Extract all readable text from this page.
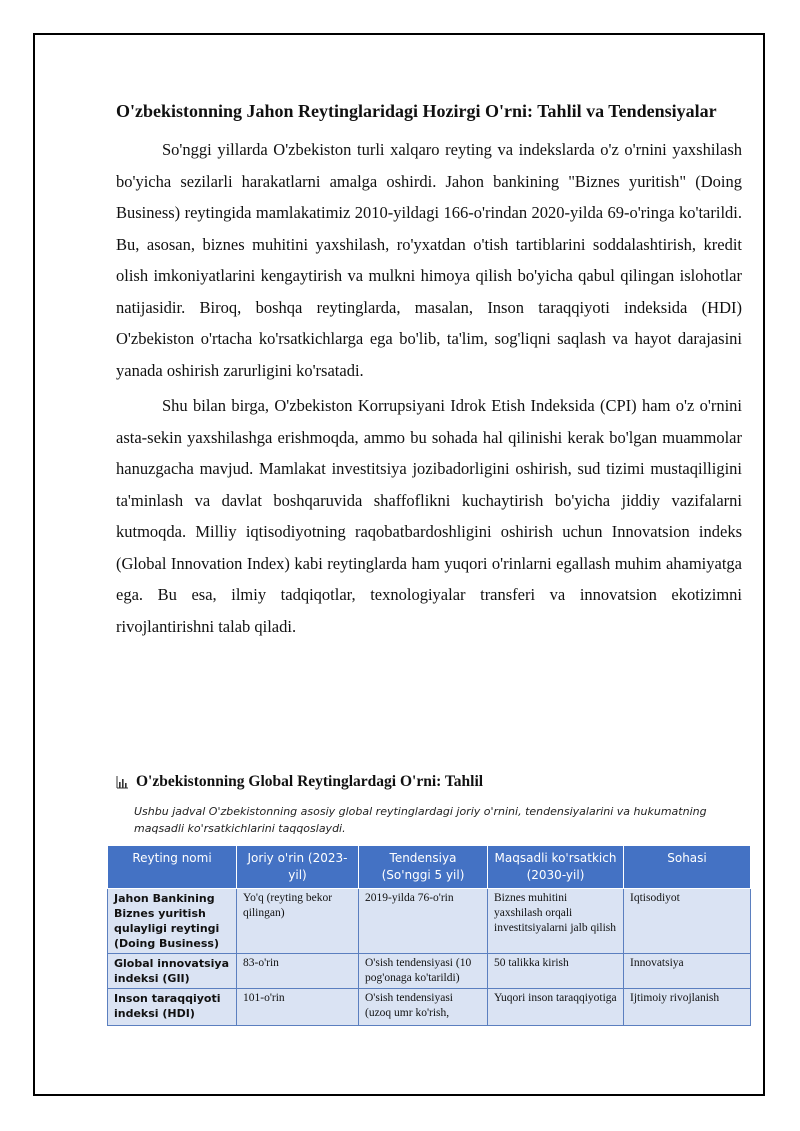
O'zbekistonning Jahon Reytinglaridagi Hozirgi O'rni: Tahlil va Tendensiyalar

So'nggi yillarda O'zbekiston turli xalqaro reyting va indekslarda o'z o'rnini yaxshilash bo'yicha sezilarli harakatlarni amalga oshirdi. Jahon bankining "Biznes yuritish" (Doing Business) reytingida mamlakatimiz 2010-yildagi 166-o'rindan 2020-yilda 69-o'ringa ko'tarildi. Bu, asosan, biznes muhitini yaxshilash, ro'yxatdan o'tish tartiblarini soddalashtirish, kredit olish imkoniyatlarini kengaytirish va mulkni himoya qilish bo'yicha qabul qilingan islohotlar natijasidir. Biroq, boshqa reytinglarda, masalan, Inson taraqqiyoti indeksida (HDI) O'zbekiston o'rtacha ko'rsatkichlarga ega bo'lib, ta'lim, sog'liqni saqlash va hayot darajasini yanada oshirish zarurligini ko'rsatadi.

Shu bilan birga, O'zbekiston Korrupsiyani Idrok Etish Indeksida (CPI) ham o'z o'rnini asta-sekin yaxshilashga erishmoqda, ammo bu sohada hal qilinishi kerak bo'lgan muammolar hanuzgacha mavjud. Mamlakat investitsiya jozibadorligini oshirish, sud tizimi mustaqilligini ta'minlash va davlat boshqaruvida shaffoflikni kuchaytirish bo'yicha jiddiy vazifalarni kutmoqda. Milliy iqtisodiyotning raqobatbardoshligini oshirish uchun Innovatsion indeks (Global Innovation Index) kabi reytinglarda ham yuqori o'rinlarni egallash muhim ahamiyatga ega. Bu esa, ilmiy tadqiqotlar, texnologiyalar transferi va innovatsion ekotizimni rivojlantirishni talab qiladi.

O'zbekistonning Global Reytinglardagi O'rni: Tahlil
Ushbu jadval O'zbekistonning asosiy global reytinglardagi joriy o'rnini, tendensiyalarini va hukumatning maqsadli ko'rsatkichlarini taqqoslaydi.
Reyting nomi	Joriy o'rin (2023-yil)	Tendensiya (So'nggi 5 yil)	Maqsadli ko'rsatkich (2030-yil)	Sohasi
Jahon Bankining Biznes yuritish qulayligi reytingi (Doing Business)	Yo'q (reyting bekor qilingan)	2019-yilda 76-o'rin	Biznes muhitini yaxshilash orqali investitsiyalarni jalb qilish	Iqtisodiyot
Global innovatsiya indeksi (GII)	83-o'rin	O'sish tendensiyasi (10 pog'onaga ko'tarildi)	50 talikka kirish	Innovatsiya
Inson taraqqiyoti indeksi (HDI)	101-o'rin	O'sish tendensiyasi (uzoq umr ko'rish,	Yuqori inson taraqqiyotiga	Ijtimoiy rivojlanish
